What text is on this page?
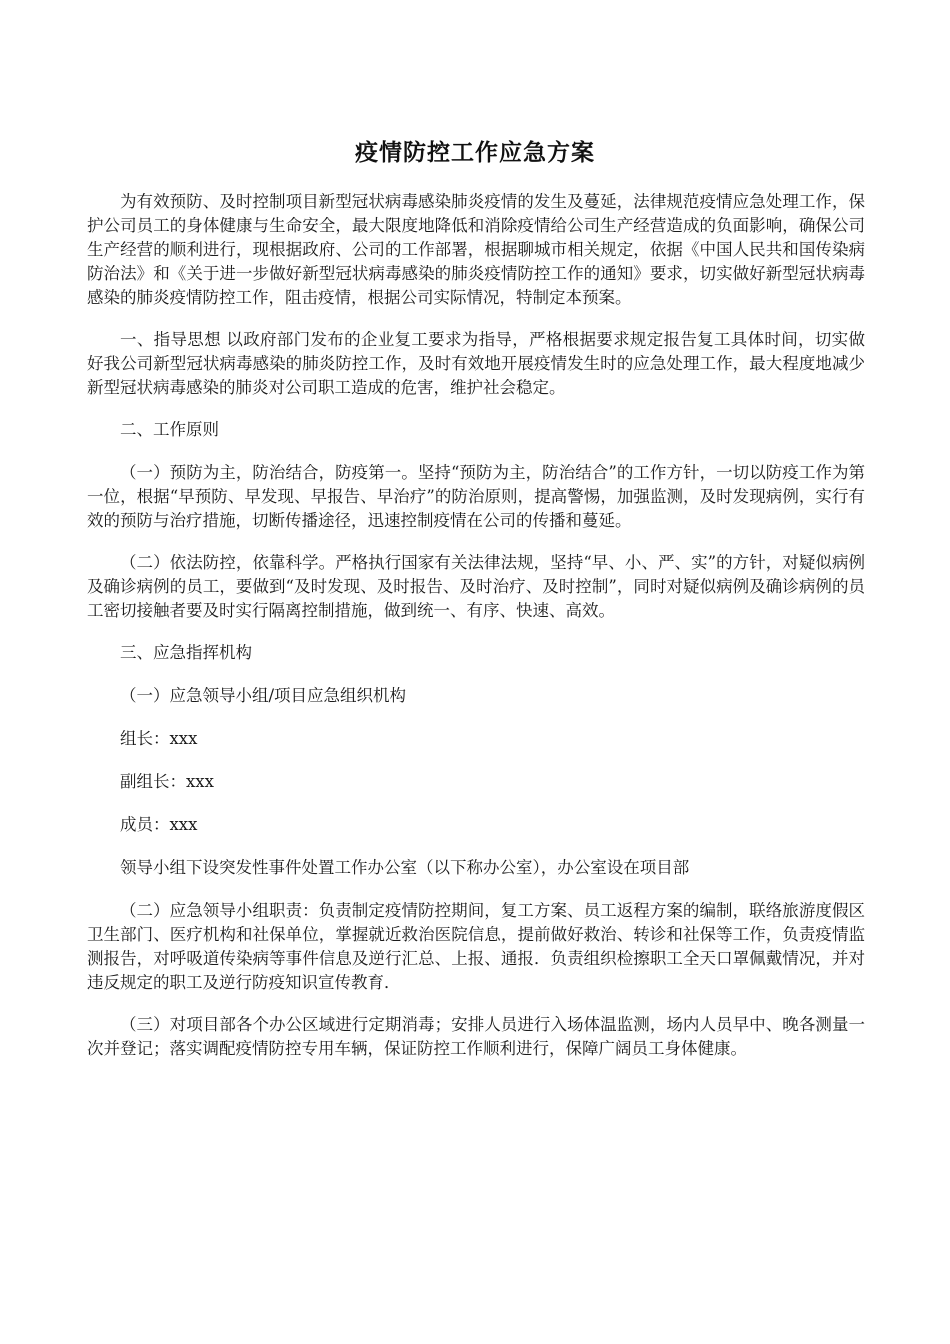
疫情防控工作应急方案

为有效预防、及时控制项目新型冠状病毒感染肺炎疫情的发生及蔓延，法律规范疫情应急处理工作，保护公司员工的身体健康与生命安全，最大限度地降低和消除疫情给公司生产经营造成的负面影响，确保公司生产经营的顺利进行，现根据政府、公司的工作部署，根据聊城市相关规定，依据《中国人民共和国传染病防治法》和《关于进一步做好新型冠状病毒感染的肺炎疫情防控工作的通知》要求，切实做好新型冠状病毒感染的肺炎疫情防控工作，阻击疫情，根据公司实际情况，特制定本预案。

一、指导思想 以政府部门发布的企业复工要求为指导，严格根据要求规定报告复工具体时间，切实做好我公司新型冠状病毒感染的肺炎防控工作，及时有效地开展疫情发生时的应急处理工作，最大程度地减少新型冠状病毒感染的肺炎对公司职工造成的危害，维护社会稳定。

二、工作原则

（一）预防为主，防治结合，防疫第一。坚持“预防为主，防治结合”的工作方针，一切以防疫工作为第一位，根据“早预防、早发现、早报告、早治疗”的防治原则，提高警惕，加强监测，及时发现病例，实行有效的预防与治疗措施，切断传播途径，迅速控制疫情在公司的传播和蔓延。

（二）依法防控，依靠科学。严格执行国家有关法律法规，坚持“早、小、严、实”的方针，对疑似病例及确诊病例的员工，要做到“及时发现、及时报告、及时治疗、及时控制”，同时对疑似病例及确诊病例的员工密切接触者要及时实行隔离控制措施，做到统一、有序、快速、高效。

三、应急指挥机构

（一）应急领导小组/项目应急组织机构

组长：xxx

副组长：xxx

成员：xxx

领导小组下设突发性事件处置工作办公室（以下称办公室），办公室设在项目部

（二）应急领导小组职责：负责制定疫情防控期间，复工方案、员工返程方案的编制，联络旅游度假区卫生部门、医疗机构和社保单位，掌握就近救治医院信息，提前做好救治、转诊和社保等工作，负责疫情监测报告，对呼吸道传染病等事件信息及逆行汇总、上报、通报．负责组织检擦职工全天口罩佩戴情况，并对违反规定的职工及逆行防疫知识宣传教育．

（三）对项目部各个办公区域进行定期消毒；安排人员进行入场体温监测，场内人员早中、晚各测量一次并登记；落实调配疫情防控专用车辆，保证防控工作顺利进行，保障广阔员工身体健康。
